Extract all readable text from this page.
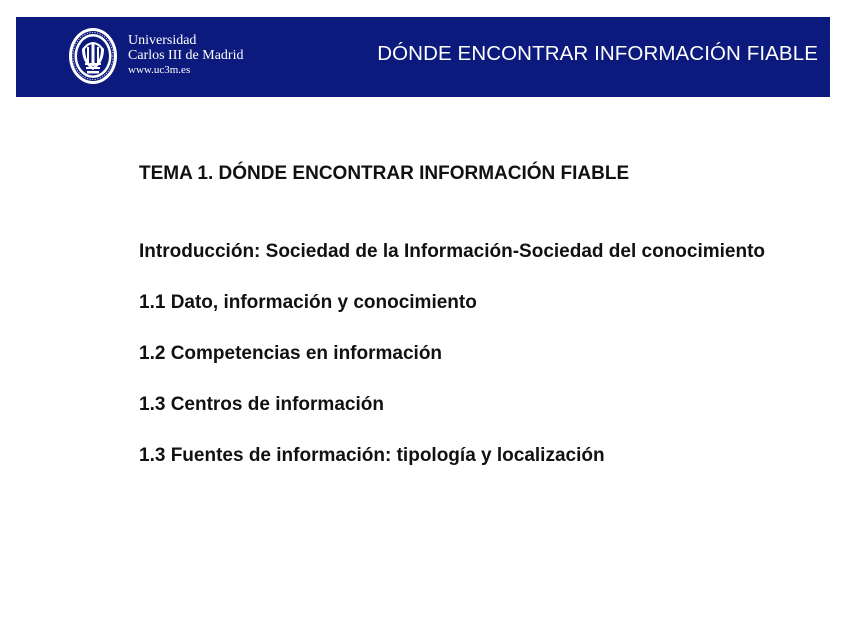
Universidad
Carlos III de Madrid
www.uc3m.es
DÓNDE ENCONTRAR INFORMACIÓN FIABLE
TEMA 1. DÓNDE ENCONTRAR INFORMACIÓN FIABLE
Introducción: Sociedad de la Información-Sociedad del conocimiento
1.1 Dato, información y conocimiento
1.2 Competencias en información
1.3 Centros de información
1.3 Fuentes de información: tipología y localización
